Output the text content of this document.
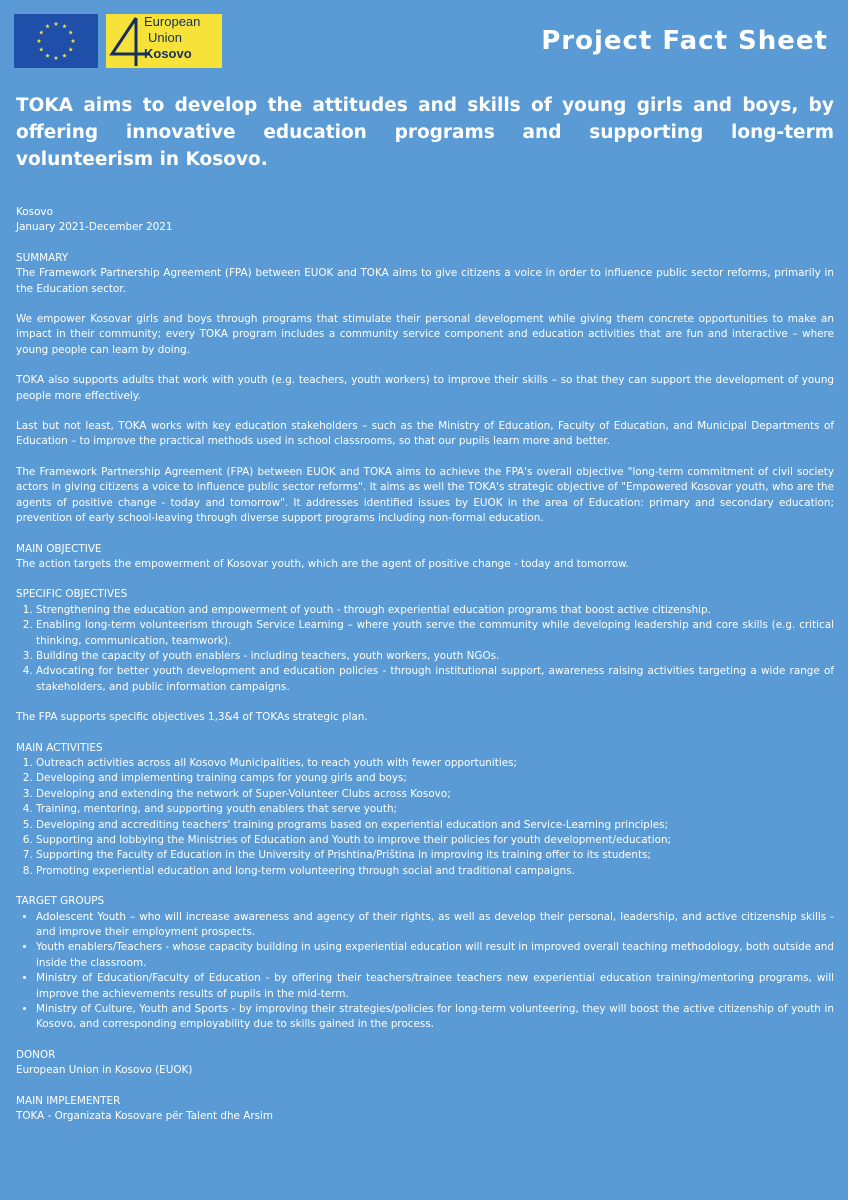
European
Union
Kosovo	Project Fact Sheet
TOKA aims to develop the attitudes and skills of young girls and boys, by offering innovative education programs and supporting long-term volunteerism in Kosovo.

Kosovo

January 2021-December 2021

SUMMARY

The Framework Partnership Agreement (FPA) between EUOK and TOKA aims to give citizens a voice in order to influence public sector reforms, primarily in the Education sector.

We empower Kosovar girls and boys through programs that stimulate their personal development while giving them concrete opportunities to make an impact in their community; every TOKA program includes a community service component and education activities that are fun and interactive – where young people can learn by doing.

TOKA also supports adults that work with youth (e.g. teachers, youth workers) to improve their skills – so that they can support the development of young people more effectively.

Last but not least, TOKA works with key education stakeholders – such as the Ministry of Education, Faculty of Education, and Municipal Departments of Education – to improve the practical methods used in school classrooms, so that our pupils learn more and better.

The Framework Partnership Agreement (FPA) between EUOK and TOKA aims to achieve the FPA's overall objective "long-term commitment of civil society actors in giving citizens a voice to influence public sector reforms". It aims as well the TOKA's strategic objective of "Empowered Kosovar youth, who are the agents of positive change - today and tomorrow". It addresses identified issues by EUOK in the area of Education: primary and secondary education; prevention of early school-leaving through diverse support programs including non-formal education.

MAIN OBJECTIVE

The action targets the empowerment of Kosovar youth, which are the agent of positive change - today and tomorrow.

SPECIFIC OBJECTIVES

1. Strengthening the education and empowerment of youth - through experiential education programs that boost active citizenship.
2. Enabling long-term volunteerism through Service Learning – where youth serve the community while developing leadership and core skills (e.g. critical thinking, communication, teamwork).
3. Building the capacity of youth enablers - including teachers, youth workers, youth NGOs.
4. Advocating for better youth development and education policies - through institutional support, awareness raising activities targeting a wide range of stakeholders, and public information campaigns.

The FPA supports specific objectives 1,3&4 of TOKAs strategic plan.

MAIN ACTIVITIES

1. Outreach activities across all Kosovo Municipalities, to reach youth with fewer opportunities;
2. Developing and implementing training camps for young girls and boys;
3. Developing and extending the network of Super-Volunteer Clubs across Kosovo;
4. Training, mentoring, and supporting youth enablers that serve youth;
5. Developing and accrediting teachers' training programs based on experiential education and Service-Learning principles;
6. Supporting and lobbying the Ministries of Education and Youth to improve their policies for youth development/education;
7. Supporting the Faculty of Education in the University of Prishtina/Priština in improving its training offer to its students;
8. Promoting experiential education and long-term volunteering through social and traditional campaigns.

TARGET GROUPS

• Adolescent Youth – who will increase awareness and agency of their rights, as well as develop their personal, leadership, and active citizenship skills - and improve their employment prospects.
• Youth enablers/Teachers - whose capacity building in using experiential education will result in improved overall teaching methodology, both outside and inside the classroom.
• Ministry of Education/Faculty of Education - by offering their teachers/trainee teachers new experiential education training/mentoring programs, will improve the achievements results of pupils in the mid-term.
• Ministry of Culture, Youth and Sports - by improving their strategies/policies for long-term volunteering, they will boost the active citizenship of youth in Kosovo, and corresponding employability due to skills gained in the process.

DONOR

European Union in Kosovo (EUOK)

MAIN IMPLEMENTER

TOKA - Organizata Kosovare për Talent dhe Arsim
